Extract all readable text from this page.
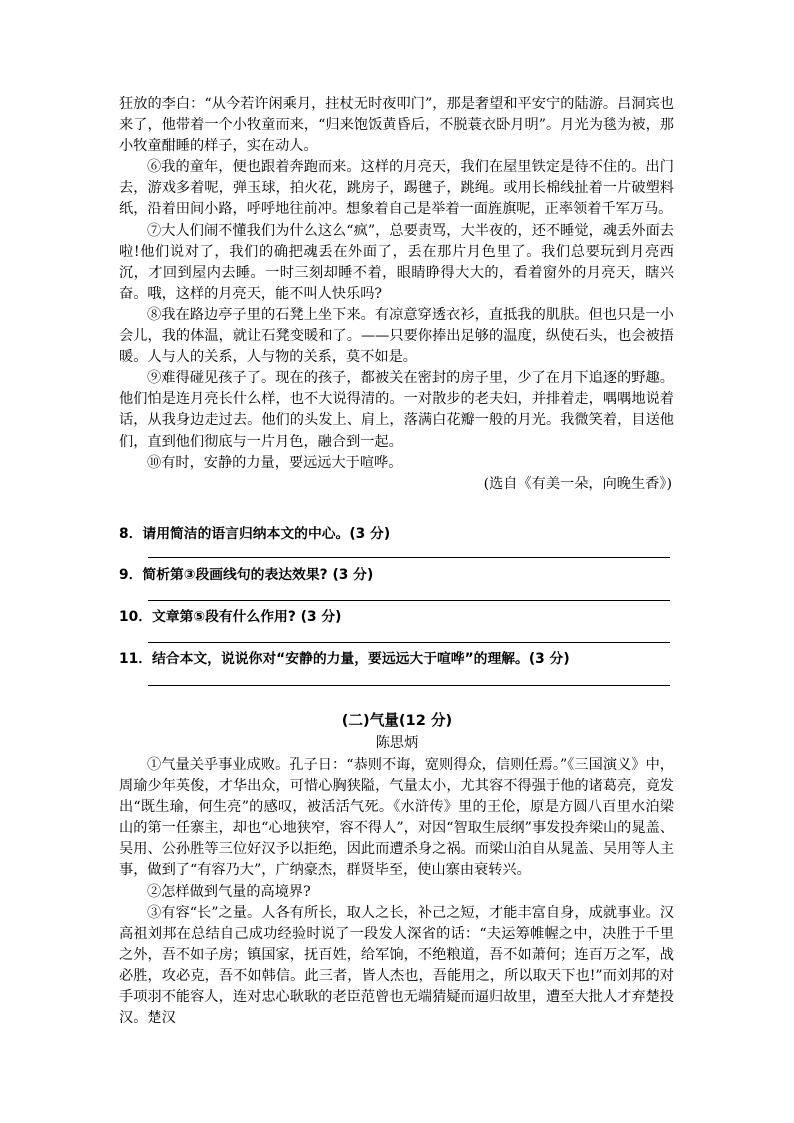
狂放的李白：“从今若许闲乘月，拄杖无时夜叩门”，那是奢望和平安宁的陆游。吕洞宾也来了，他带着一个小牧童而来，“归来饱饭黄昏后，不脱蓑衣卧月明”。月光为毯为被，那小牧童酣睡的样子，实在动人。

⑥我的童年，便也跟着奔跑而来。这样的月亮天，我们在屋里铁定是待不住的。出门去，游戏多着呢，弹玉球，拍火花，跳房子，踢毽子，跳绳。或用长棉线扯着一片破塑料纸，沿着田间小路，呼呼地往前冲。想象着自己是举着一面旌旗呢，正率领着千军万马。

⑦大人们闹不懂我们为什么这么“疯”，总要责骂，大半夜的，还不睡觉，魂丢外面去啦!他们说对了，我们的确把魂丢在外面了，丢在那片月色里了。我们总要玩到月亮西沉，才回到屋内去睡。一时三刻却睡不着，眼睛睁得大大的，看着窗外的月亮天，瞎兴奋。哦，这样的月亮天，能不叫人快乐吗?

⑧我在路边亭子里的石凳上坐下来。有凉意穿透衣衫，直抵我的肌肤。但也只是一小会儿，我的体温，就让石凳变暖和了。——只要你捧出足够的温度，纵使石头，也会被捂暖。人与人的关系，人与物的关系，莫不如是。

⑨难得碰见孩子了。现在的孩子，都被关在密封的房子里，少了在月下追逐的野趣。他们怕是连月亮长什么样，也不大说得清的。一对散步的老夫妇，并排着走，喁喁地说着话，从我身边走过去。他们的头发上、肩上，落满白花瓣一般的月光。我微笑着，目送他们，直到他们彻底与一片月色，融合到一起。

⑩有时，安静的力量，要远远大于喧哗。

(选自《有美一朵，向晚生香》)

8．请用简洁的语言归纳本文的中心。(3 分)
9．简析第③段画线句的表达效果? (3 分)
10．文章第⑤段有什么作用? (3 分)
11．结合本文，说说你对“安静的力量，要远远大于喧哗”的理解。(3 分)
(二)气量(12 分)
陈思炳

①气量关乎事业成败。孔子日：“恭则不诲，宽则得众，信则任焉。”《三国演义》中，周瑜少年英俊，才华出众，可惜心胸狭隘，气量太小，尤其容不得强于他的诸葛亮，竟发出“既生瑜，何生亮”的感叹，被活活气死。《水浒传》里的王伦，原是方圆八百里水泊梁山的第一任寨主，却也“心地狭窄，容不得人”，对因“智取生辰纲”事发投奔梁山的晁盖、吴用、公孙胜等三位好汉予以拒绝，因此而遭杀身之祸。而梁山泊自从晁盖、吴用等人主事，做到了“有容乃大”，广纳豪杰，群贤毕至，使山寨由衰转兴。

②怎样做到气量的高境界?

③有容“长”之量。人各有所长，取人之长，补己之短，才能丰富自身，成就事业。汉高祖刘邦在总结自己成功经验时说了一段发人深省的话：“夫运筹帷幄之中，决胜于千里之外，吾不如子房；镇国家，抚百姓，给军饷，不绝粮道，吾不如萧何；连百万之军，战必胜，攻必克，吾不如韩信。此三者，皆人杰也，吾能用之，所以取天下也!”而刘邦的对手项羽不能容人，连对忠心耿耿的老臣范曾也无端猜疑而逼归故里，遭至大批人才弃楚投汉。楚汉
